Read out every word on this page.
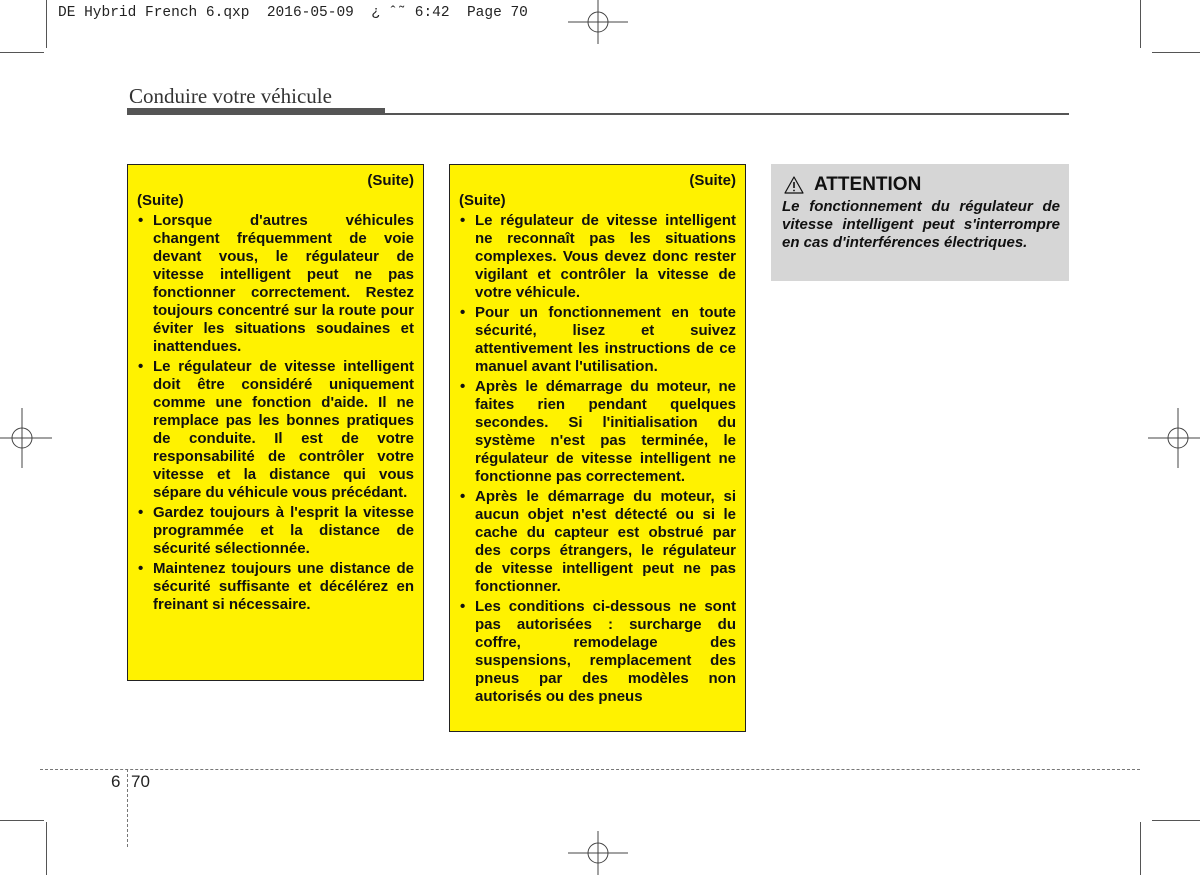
DE Hybrid French 6.qxp  2016-05-09  ¿ ˆ˜ 6:42  Page 70
Conduire votre véhicule
(Suite)
(Suite)
• Lorsque d'autres véhicules changent fréquemment de voie devant vous, le régulateur de vitesse intelligent peut ne pas fonctionner correctement. Restez toujours concentré sur la route pour éviter les situations soudaines et inattendues.
• Le régulateur de vitesse intelligent doit être considéré uniquement comme une fonction d'aide. Il ne remplace pas les bonnes pratiques de conduite. Il est de votre responsabilité de contrôler votre vitesse et la distance qui vous sépare du véhicule vous précédant.
• Gardez toujours à l'esprit la vitesse programmée et la distance de sécurité sélectionnée.
• Maintenez toujours une distance de sécurité suffisante et décélérez en freinant si nécessaire.
(Suite)
(Suite)
• Le régulateur de vitesse intelligent ne reconnaît pas les situations complexes. Vous devez donc rester vigilant et contrôler la vitesse de votre véhicule.
• Pour un fonctionnement en toute sécurité, lisez et suivez attentivement les instructions de ce manuel avant l'utilisation.
• Après le démarrage du moteur, ne faites rien pendant quelques secondes. Si l'initialisation du système n'est pas terminée, le régulateur de vitesse intelligent ne fonctionne pas correctement.
• Après le démarrage du moteur, si aucun objet n'est détecté ou si le cache du capteur est obstrué par des corps étrangers, le régulateur de vitesse intelligent peut ne pas fonctionner.
• Les conditions ci-dessous ne sont pas autorisées : surcharge du coffre, remodelage des suspensions, remplacement des pneus par des modèles non autorisés ou des pneus
ATTENTION
Le fonctionnement du régulateur de vitesse intelligent peut s'interrompre en cas d'interférences électriques.
6 70
